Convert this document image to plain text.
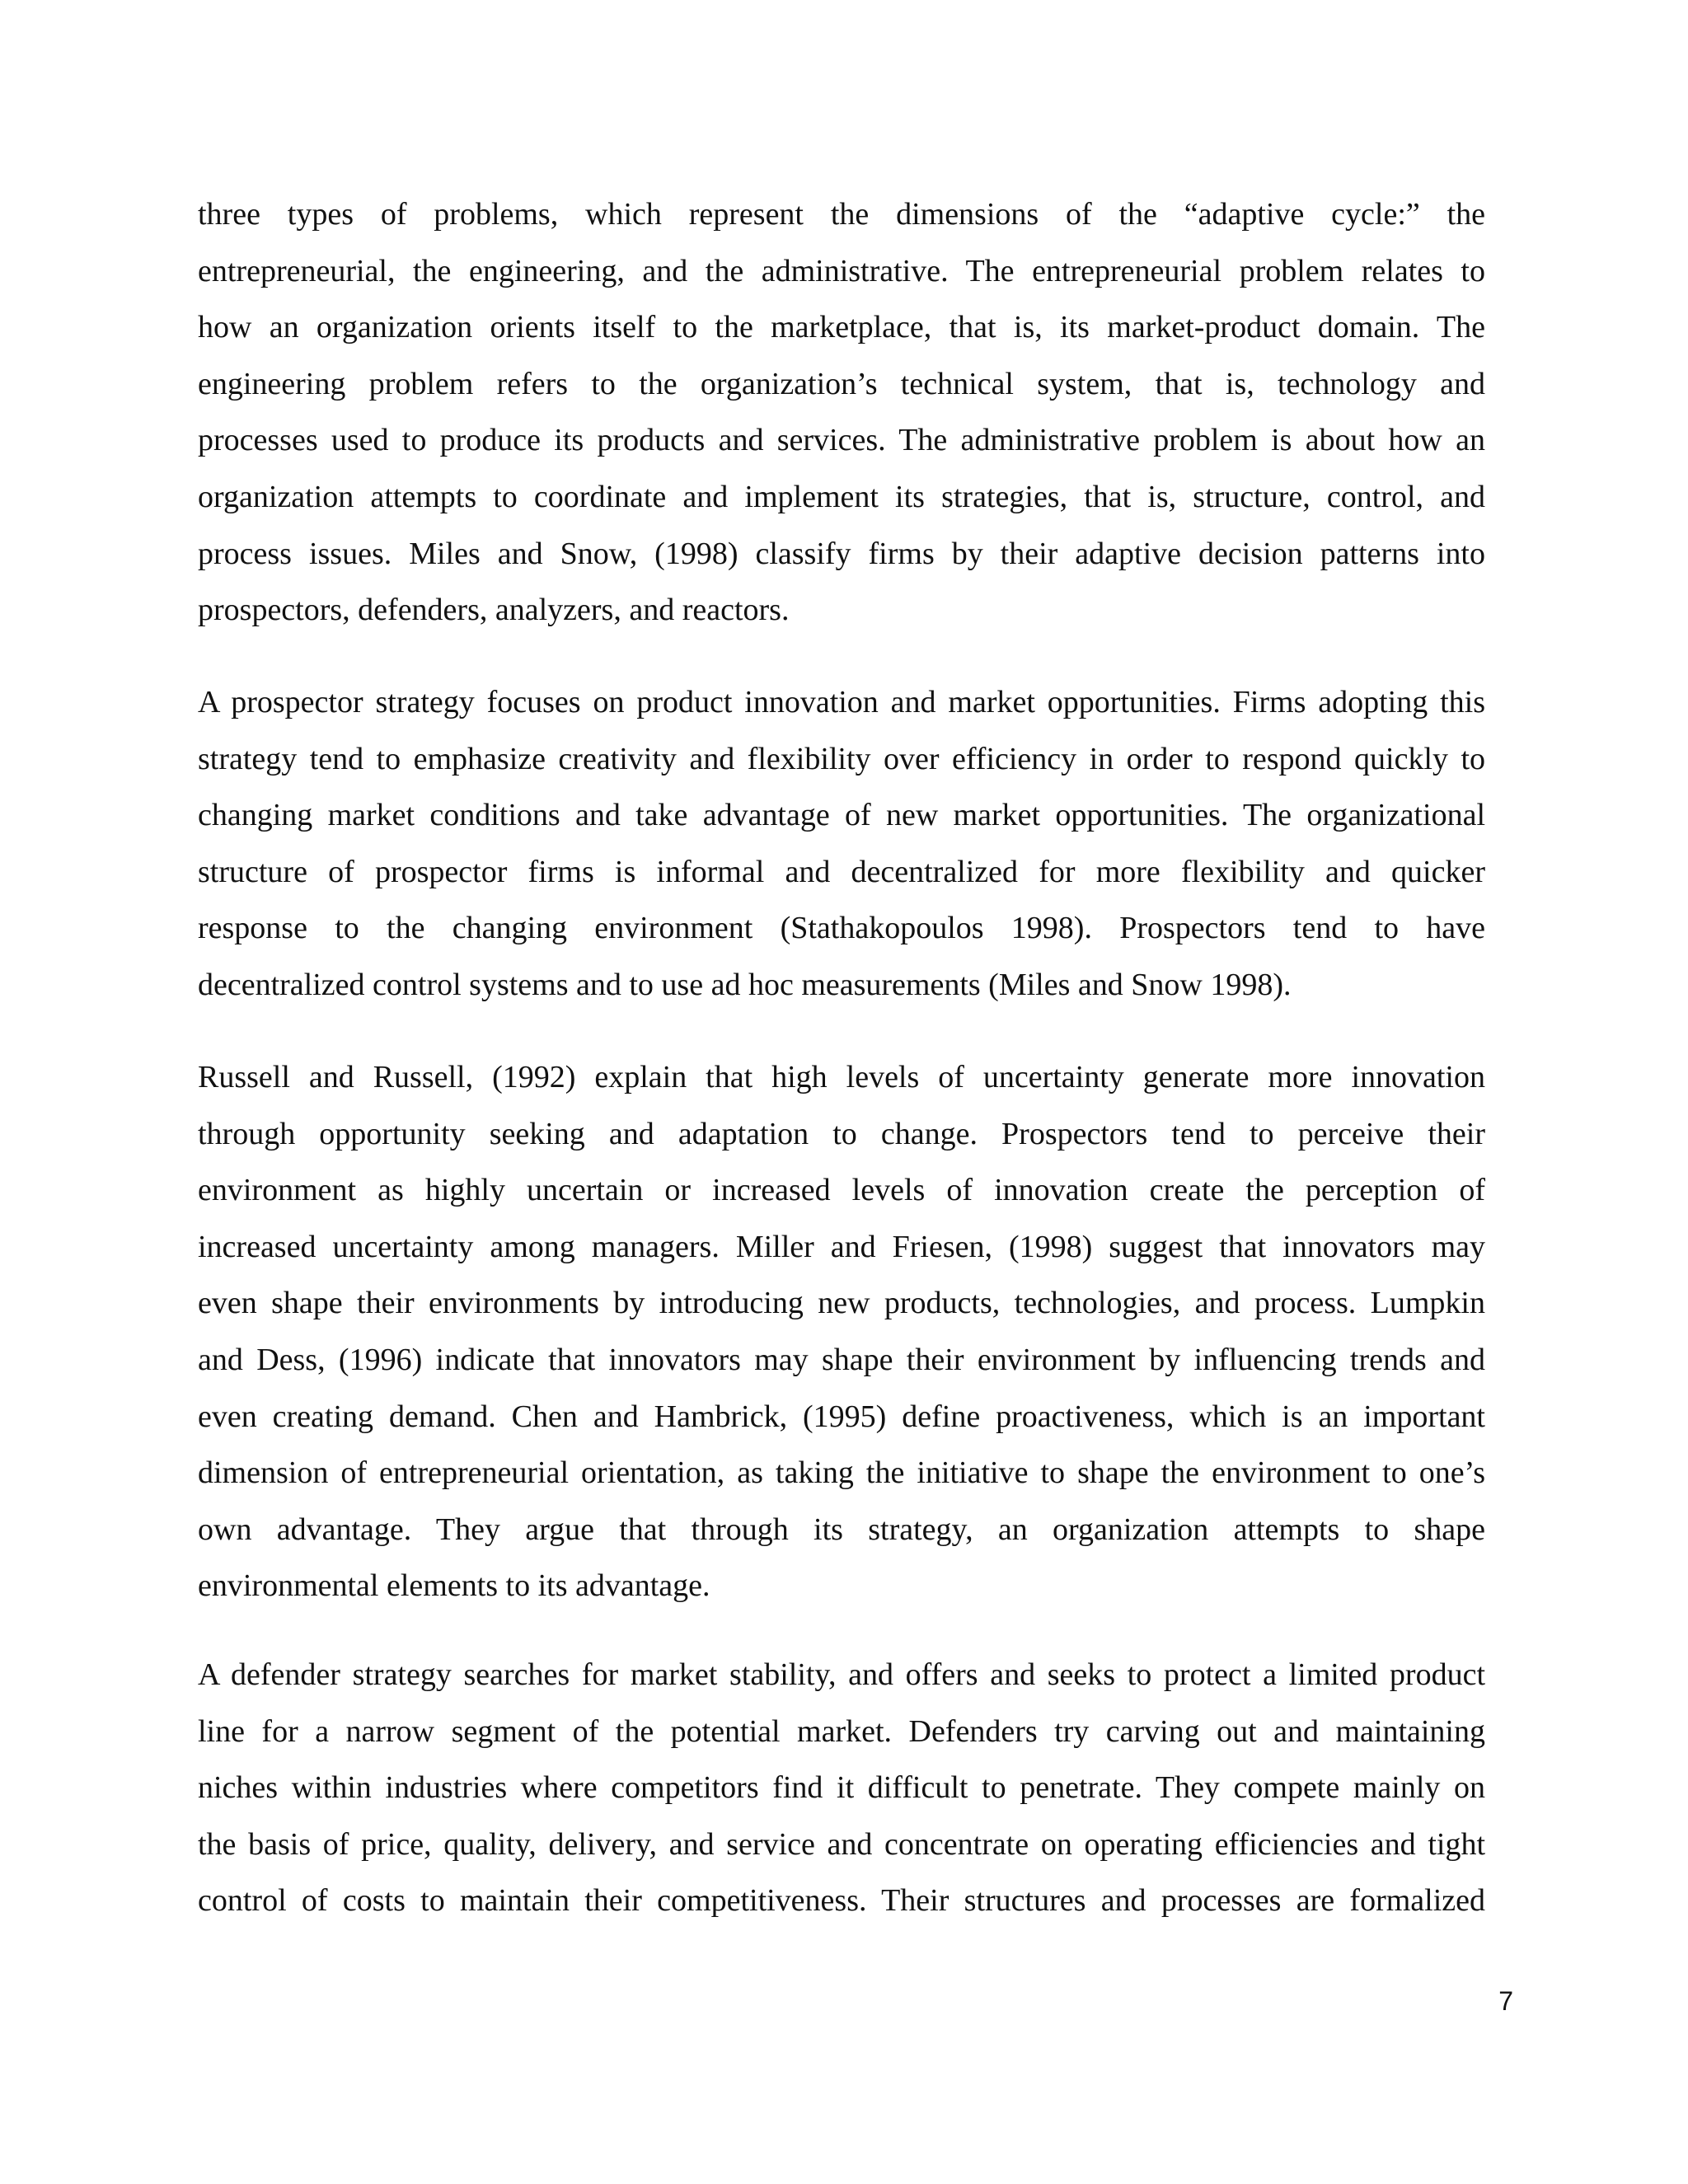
three types of problems, which represent the dimensions of the “adaptive cycle:” the
entrepreneurial, the engineering, and the administrative. The entrepreneurial problem relates to
how an organization orients itself to the marketplace, that is, its market-product domain. The
engineering problem refers to the organization’s technical system, that is, technology and
processes used to produce its products and services. The administrative problem is about how an
organization attempts to coordinate and implement its strategies, that is, structure, control, and
process issues. Miles and Snow, (1998) classify firms by their adaptive decision patterns into
prospectors, defenders, analyzers, and reactors.
A prospector strategy focuses on product innovation and market opportunities. Firms adopting this
strategy tend to emphasize creativity and flexibility over efficiency in order to respond quickly to
changing market conditions and take advantage of new market opportunities. The organizational
structure of prospector firms is informal and decentralized for more flexibility and quicker
response to the changing environment (Stathakopoulos 1998). Prospectors tend to have
decentralized control systems and to use ad hoc measurements (Miles and Snow 1998).
Russell and Russell, (1992) explain that high levels of uncertainty generate more innovation
through opportunity seeking and adaptation to change. Prospectors tend to perceive their
environment as highly uncertain or increased levels of innovation create the perception of
increased uncertainty among managers. Miller and Friesen, (1998) suggest that innovators may
even shape their environments by introducing new products, technologies, and process. Lumpkin
and Dess, (1996) indicate that innovators may shape their environment by influencing trends and
even creating demand. Chen and Hambrick, (1995) define proactiveness, which is an important
dimension of entrepreneurial orientation, as taking the initiative to shape the environment to one’s
own advantage. They argue that through its strategy, an organization attempts to shape
environmental elements to its advantage.
A defender strategy searches for market stability, and offers and seeks to protect a limited product
line for a narrow segment of the potential market. Defenders try carving out and maintaining
niches within industries where competitors find it difficult to penetrate. They compete mainly on
the basis of price, quality, delivery, and service and concentrate on operating efficiencies and tight
control of costs to maintain their competitiveness. Their structures and processes are formalized
7
